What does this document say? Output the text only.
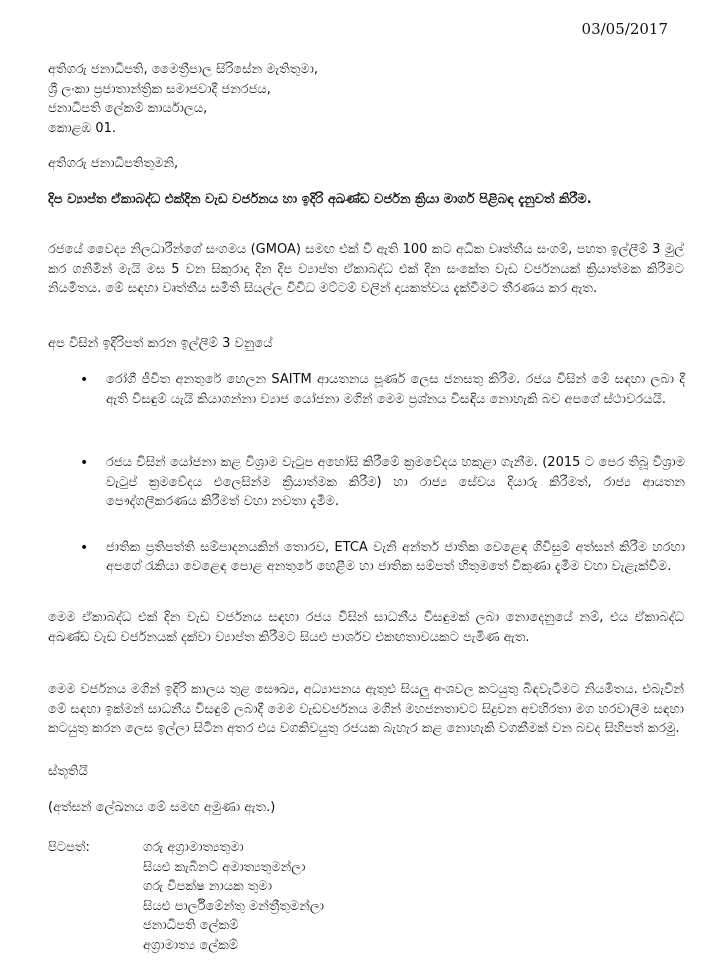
03/05/2017
අතිගරු ජනාධිපති, මෛත්‍රීපාල සිරිසේන මැතිතුමා,
ශ්‍රී ලංකා ප්‍රජාතාන්ත්‍රික සමාජවාදී ජනරජය,
ජනාධිපති ලේකම් කාර්යාලය,
කොළඹ 01.
අතිගරු ජනාධිපතිතුමනි,
දිප ව්‍යාප්ත ඒකාබද්ධ එක්දින වැඩ වර්ජනය හා ඉදිරි අඛණ්ඩ වර්ජන ක්‍රියා මාර්ග පිළිබඳ දැනුවත් කිරීම.
රජයේ වෛද්‍ය නිලධාරීන්ගේ සංගමය (GMOA) සමඟ එක් වී ඇති 100 කට අධික වෘත්තීය සංගම්, පහත ඉල්ලීම් 3 මුල් කර ගනිමින් මැයි මස 5 වන සිකුරාදා දින දිප ව්‍යාප්ත ඒකාබද්ධ එක් දින සංකේත වැඩ වර්ජනයක් ක්‍රියාත්මක කිරීමට නියමිතය. මේ සඳහා වෘත්තීය සමිති සියල්ල විවිධ මට්ටම් වලින් දායකත්වය දැක්වීමට තීරණය කර ඇත.
අප විසින් ඉදිරිපත් කරන ඉල්ලීම් 3 වනුයේ
• රෝගී ජීවිත අනතුරේ හෙලන SAITM ආයතනය පූර්ණ ලෙස ජනසතු කිරීම. රජය විසින් මේ සඳහා ලබා දී ඇති විසඳුම් යැයි කියාගන්නා ව්‍යාජ යෝජනා මගින් මෙම ප්‍රශ්නය විසඳිය නොහැකි බව අපගේ ස්ථාවරයයි.
• රජය විසින් යෝජනා කළ විශ්‍රාම වැටුප අහෝසි කිරීමේ ක්‍රමවේදය හකුළා ගැනීම. (2015 ට පෙර තිබූ විශ්‍රාම වැටුප් ක්‍රමවේදය එලෙසින්ම ක්‍රියාත්මක කිරීම) හා රාජ්‍ය සේවය දියාරු කිරීමත්, රාජ්‍ය ආයතන පෞද්ගලීකරණය කිරීමත් වහා නවතා දැමීම.
• ජාතික ප්‍රතිපත්ති සම්පාදනයකින් තොරව, ETCA වැනි අන්තර් ජාතික වෙළෙඳ ගිවිසුම් අත්සන් කිරීම හරහා අපගේ රැකියා වෙළෙඳ පොළ අනතුරේ හෙළීම හා ජාතික සම්පත් හිතුමතේ විකුණා දැමීම වහා වැළැක්වීම.
මෙම ඒකාබද්ධ එක් දින වැඩ වර්ජනය සඳහා රජය විසින් සාධනීය විසඳුමක් ලබා නොදෙනුයේ නම්, එය ඒකාබද්ධ අඛණ්ඩ වැඩ වර්ජනයක් දක්වා ව්‍යාප්ත කිරීමට සියළු පාර්ශව එකඟතාවයකට පැමිණ ඇත.
මෙම වර්ජනය මගින් ඉදිරි කාලය තුළ සෞඛ්‍ය, අධ්‍යාපනය ඇතුළු සියලු අංශවල කටයුතු බිඳවැටීමට නියමිතය. එබැවින් මේ සඳහා ඉක්මන් සාධනීය විසඳුම් ලබාදී මෙම වැඩවර්ජනය මගින් මහජනතාවට සිදුවන අවහිරතා මග හරවාලීම සඳහා කටයුතු කරන ලෙස ඉල්ලා සිටින අතර එය වගකිවයුතු රජයක බැහැර කළ නොහැකි වගකීමක් වන බවද සිහිපත් කරමු.
ස්තූතියි
(අත්සන් ලේඛනය මේ සමඟ අමුණා ඇත.)
පිටපත්:	ගරු අග්‍රාමාත්‍යතුමා
සියළු කැබිනට් අමාත්‍යතුමන්ලා
ගරු විපක්ෂ නායක තුමා
සියළු පාර්ලිමේන්තු මන්ත්‍රීතුමන්ලා
ජනාධිපති ලේකම්
අග්‍රාමාත්‍ය ලේකම්
